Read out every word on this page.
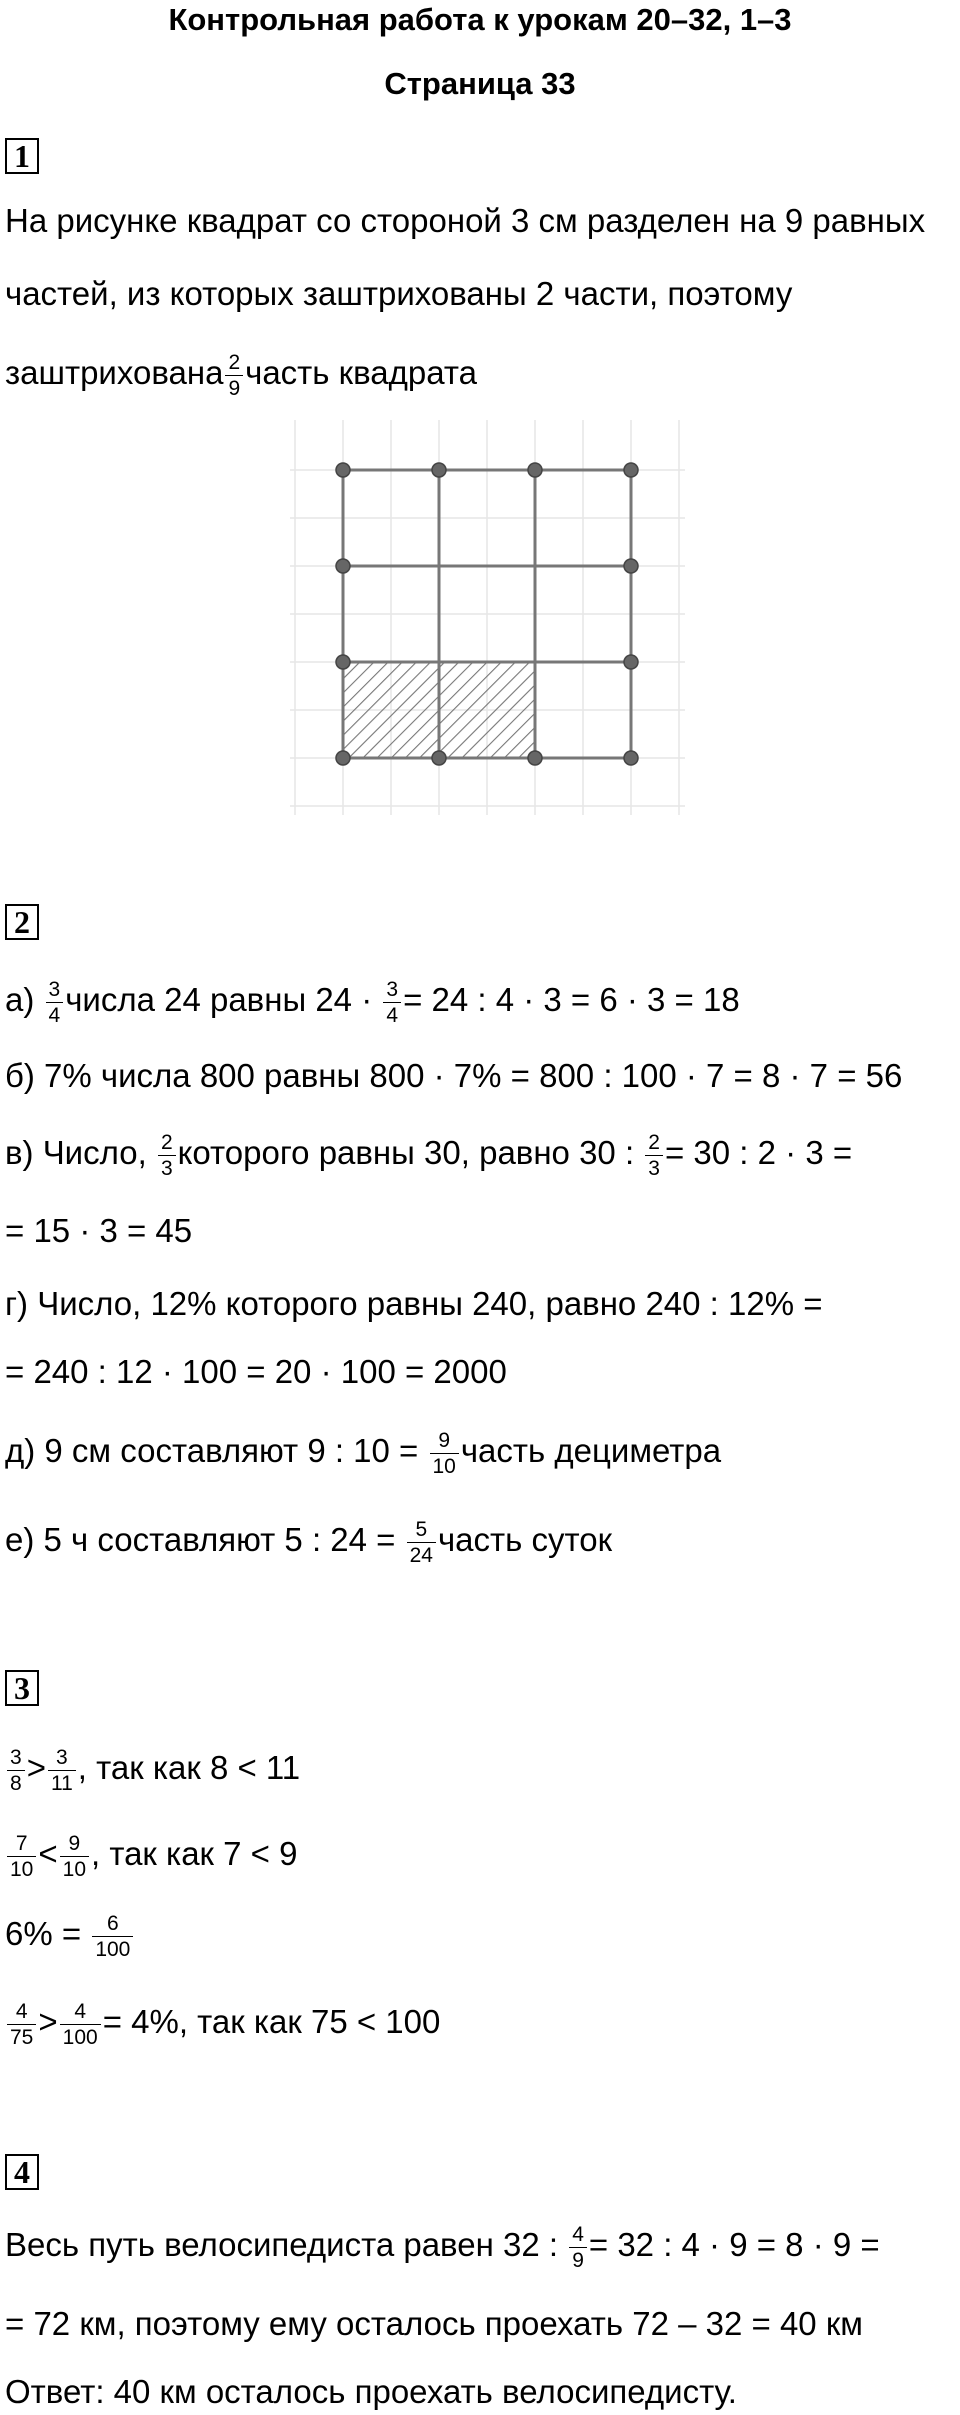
Контрольная работа к урокам 20–32, 1–3
Страница 33
1
На рисунке квадрат со стороной 3 см разделен на 9 равных
частей, из которых заштрихованы 2 части, поэтому
заштрихована $\frac{2}{9}$ часть квадрата
2
$а) \frac{3}{4}$ числа 24 равны $24 \cdot \frac{3}{4} = 24$ : 4 · 3 = 6 · 3 = 18
б) 7% числа 800 равны 800 · 7% = 800 : 100 · 7 = 8 · 7 = 56
в) Число, $\frac{2}{3}$ которого равны 30, равно 30 : $\frac{2}{3} = 30$ : 2 · 3 =
= 15 · 3 = 45
г) Число, 12% которого равны 240, равно 240 : 12% =
= 240 : 12 · 100 = 20 · 100 = 2000
д) 9 см составляют 9 : $10 = \frac{9}{10}$ часть дециметра
е) 5 ч составляют 5 : $24 = \frac{5}{24}$ часть суток
3
$\frac{3}{8} > \frac{3}{11}$ , так как 8 < 11
$\frac{7}{10} < \frac{9}{10}$ , так как 7 < 9
$6\% = \frac{6}{100}$
$\frac{4}{75} > \frac{4}{100} = 4\%$, так как 75 < 100
4
Весь путь велосипедиста равен 32 : $\frac{4}{9} = 32$ : 4 · 9 = 8 · 9 =
= 72 км, поэтому ему осталось проехать 72 – 32 = 40 км
Ответ: 40 км осталось проехать велосипедисту.
